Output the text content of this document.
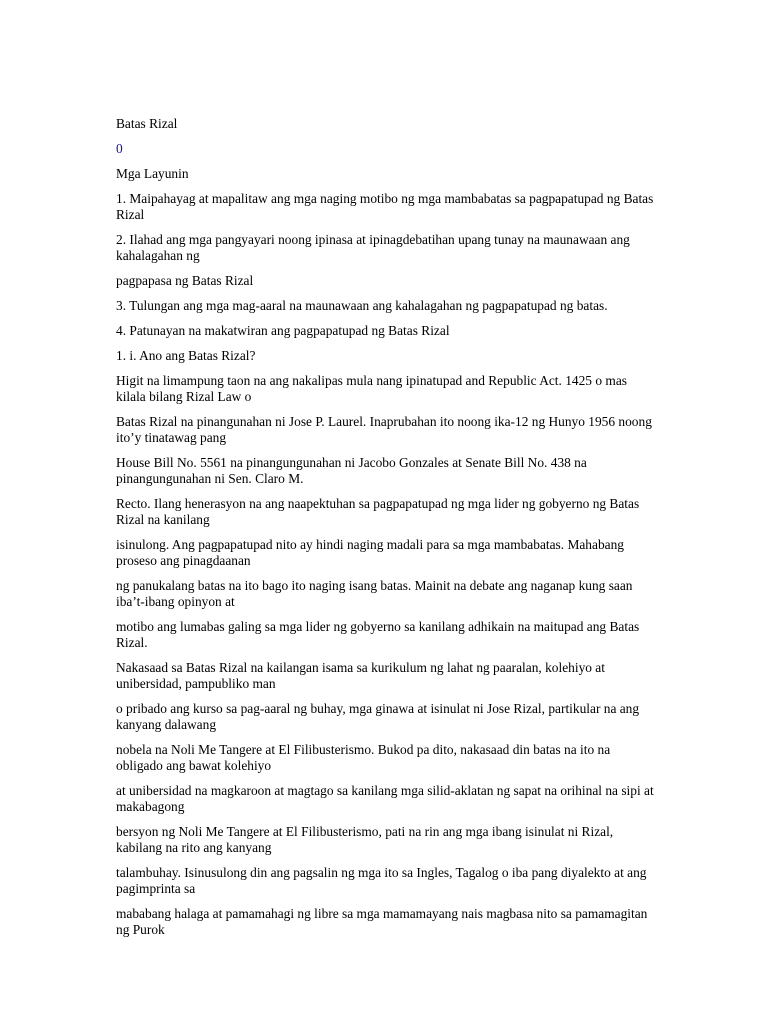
Batas Rizal

0

Mga Layunin

1. Maipahayag at mapalitaw ang mga naging motibo ng mga mambabatas sa pagpapatupad ng Batas Rizal

2. Ilahad ang mga pangyayari noong ipinasa at ipinagdebatihan upang tunay na maunawaan ang kahalagahan ng

pagpapasa ng Batas Rizal

3. Tulungan ang mga mag-aaral na maunawaan ang kahalagahan ng pagpapatupad ng batas.

4. Patunayan na makatwiran ang pagpapatupad ng Batas Rizal

1. i. Ano ang Batas Rizal?

Higit na limampung taon na ang nakalipas mula nang ipinatupad and Republic Act. 1425 o mas kilala bilang Rizal Law o

Batas Rizal na pinangunahan ni Jose P. Laurel. Inaprubahan ito noong ika-12 ng Hunyo 1956 noong ito’y tinatawag pang

House Bill No. 5561 na pinangungunahan ni Jacobo Gonzales at Senate Bill No. 438 na pinangungunahan ni Sen. Claro M.

Recto. Ilang henerasyon na ang naapektuhan sa pagpapatupad ng mga lider ng gobyerno ng Batas Rizal na kanilang

isinulong. Ang pagpapatupad nito ay hindi naging madali para sa mga mambabatas. Mahabang proseso ang pinagdaanan

ng panukalang batas na ito bago ito naging isang batas. Mainit na debate ang naganap kung saan iba’t-ibang opinyon at

motibo ang lumabas galing sa mga lider ng gobyerno sa kanilang adhikain na maitupad ang Batas Rizal.

Nakasaad sa Batas Rizal na kailangan isama sa kurikulum ng lahat ng paaralan, kolehiyo at unibersidad, pampubliko man

o pribado ang kurso sa pag-aaral ng buhay, mga ginawa at isinulat ni Jose Rizal, partikular na ang kanyang dalawang

nobela na Noli Me Tangere at El Filibusterismo. Bukod pa dito, nakasaad din batas na ito na obligado ang bawat kolehiyo

at unibersidad na magkaroon at magtago sa kanilang mga silid-aklatan ng sapat na orihinal na sipi at makabagong

bersyon ng Noli Me Tangere at El Filibusterismo, pati na rin ang mga ibang isinulat ni Rizal, kabilang na rito ang kanyang

talambuhay. Isinusulong din ang pagsalin ng mga ito sa Ingles, Tagalog o iba pang diyalekto at ang pagimprinta sa

mababang halaga at pamamahagi ng libre sa mga mamamayang nais magbasa nito sa pamamagitan ng Purok
